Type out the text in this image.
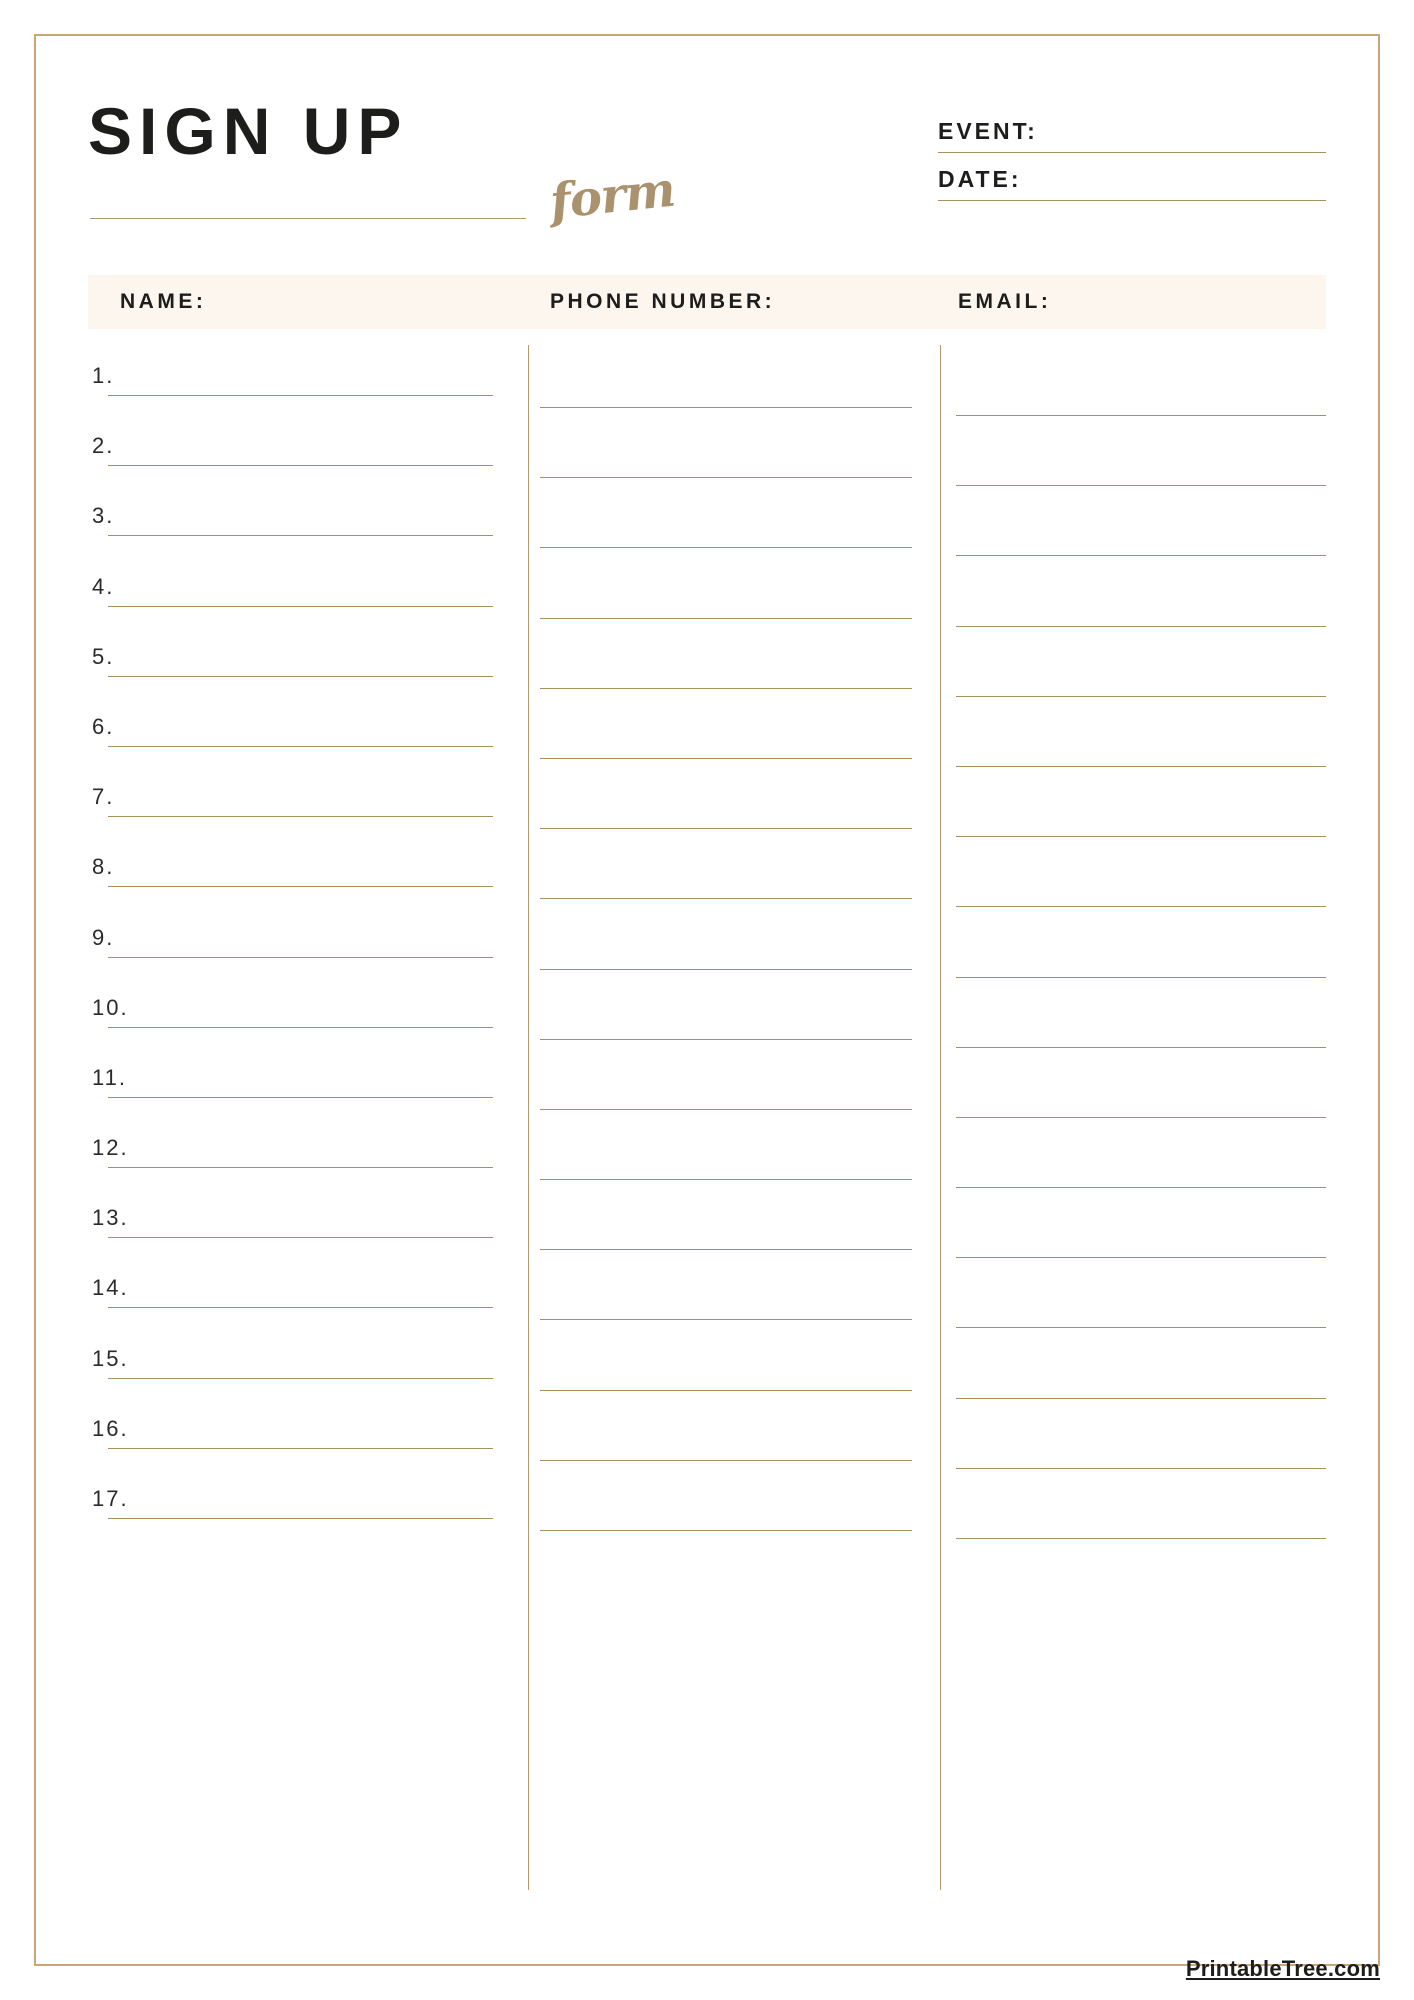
SIGN UP
form
EVENT:
DATE:
NAME:	PHONE NUMBER:	EMAIL:
1.
2.
3.
4.
5.
6.
7.
8.
9.
10.
11.
12.
13.
14.
15.
16.
17.
PrintableTree.com
